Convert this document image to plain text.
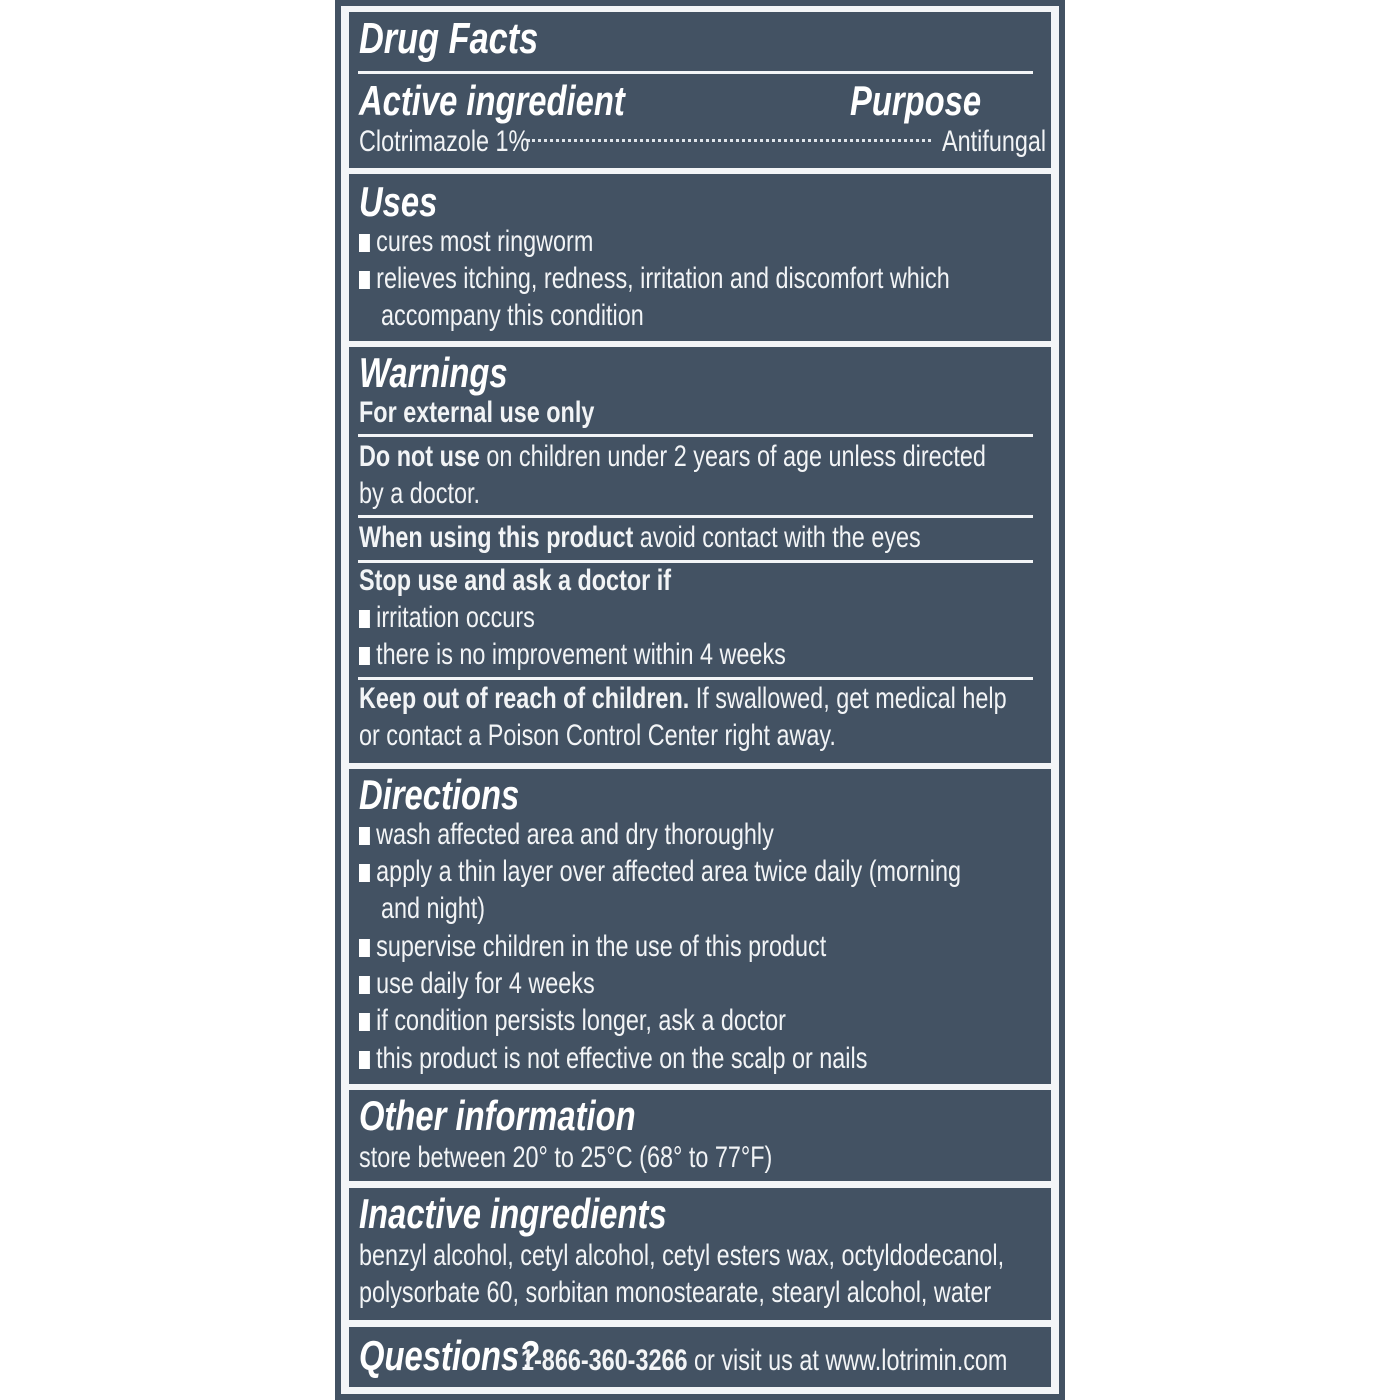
Drug Facts
Active ingredient	Purpose
Clotrimazole 1%	Antifungal
Uses
cures most ringworm
relieves itching, redness, irritation and discomfort which
accompany this condition
Warnings
For external use only
Do not use on children under 2 years of age unless directed
by a doctor.
When using this product avoid contact with the eyes
Stop use and ask a doctor if
irritation occurs
there is no improvement within 4 weeks
Keep out of reach of children. If swallowed, get medical help
or contact a Poison Control Center right away.
Directions
wash affected area and dry thoroughly
apply a thin layer over affected area twice daily (morning
and night)
supervise children in the use of this product
use daily for 4 weeks
if condition persists longer, ask a doctor
this product is not effective on the scalp or nails
Other information
store between 20° to 25°C (68° to 77°F)
Inactive ingredients
benzyl alcohol, cetyl alcohol, cetyl esters wax, octyldodecanol,
polysorbate 60, sorbitan monostearate, stearyl alcohol, water
Questions?
1-866-360-3266 or visit us at www.lotrimin.com
